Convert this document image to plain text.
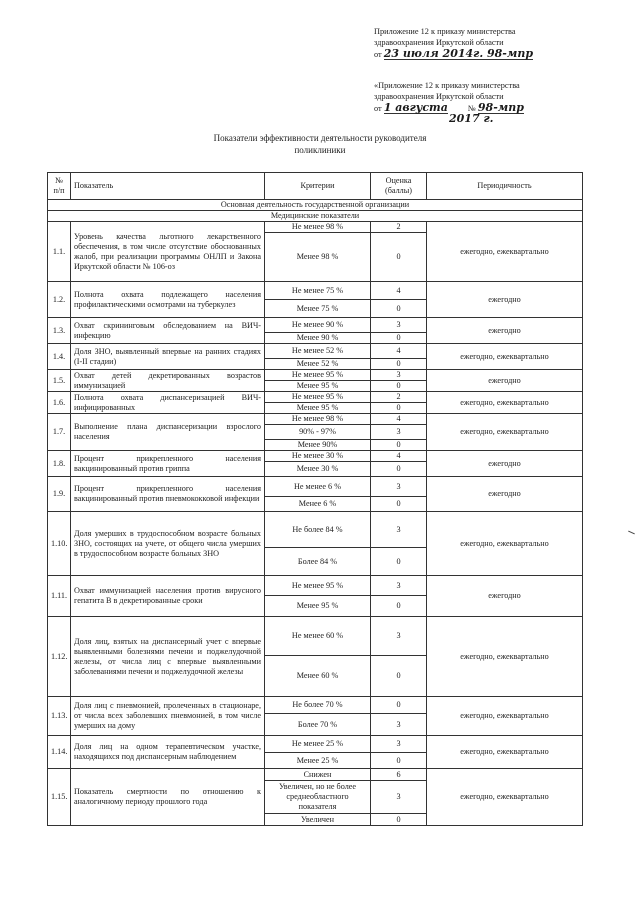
Приложение 12 к приказу министерства
здравоохранения Иркутской области
от 23 июля 2014г. 98-мпр
«Приложение 12 к приказу министерства
здравоохранения Иркутской области
от 1 августа № 98-мпр
2017 г.
Показатели эффективности деятельности руководителя
поликлиники
№ п/п	Показатель	Критерии	Оценка (баллы)	Периодичность
Основная деятельность государственной организации				
Медицинские показатели				
1.1.	Уровень качества льготного лекарственного обеспечения, в том числе отсутствие обоснованных жалоб, при реализации программы ОНЛП и Закона Иркутской области № 106-оз	Не менее 98 %	2	ежегодно, ежеквартально
		Менее 98 %	0	
1.2.	Полнота охвата подлежащего населения профилактическими осмотрами на туберкулез	Не менее 75 %	4	ежегодно
		Менее 75 %	0	
1.3.	Охват скрининговым обследованием на ВИЧ-инфекцию	Не менее 90 %	3	ежегодно
		Менее 90 %	0	
1.4.	Доля ЗНО, выявленный впервые на ранних стадиях (I-II стадии)	Не менее 52 %	4	ежегодно, ежеквартально
		Менее 52 %	0	
1.5.	Охват детей декретированных возрастов иммунизацией	Не менее 95 %	3	ежегодно
		Менее 95 %	0	
1.6.	Полнота охвата диспансеризацией ВИЧ-инфицированных	Не менее 95 %	2	ежегодно, ежеквартально
		Менее 95 %	0	
1.7.	Выполнение плана диспансеризации взрослого населения	Не менее 98 %	4	ежегодно, ежеквартально
		90% - 97%	3	
		Менее 90%	0	
1.8.	Процент прикрепленного населения вакцинированный против гриппа	Не менее 30 %	4	ежегодно
		Менее 30 %	0	
1.9.	Процент прикрепленного населения вакцинированный против пневмококковой инфекции	Не менее 6 %	3	ежегодно
		Менее 6 %	0	
1.10.	Доля умерших в трудоспособном возрасте больных ЗНО, состоящих на учете, от общего числа умерших в трудоспособном возрасте больных ЗНО	Не более 84 %	3	ежегодно, ежеквартально
		Более 84 %	0	
1.11.	Охват иммунизацией населения против вирусного гепатита В в декретированные сроки	Не менее 95 %	3	ежегодно
		Менее 95 %	0	
1.12.	Доля лиц, взятых на диспансерный учет с впервые выявленными болезнями печени и поджелудочной железы, от числа лиц с впервые выявленными заболеваниями печени и поджелудочной железы	Не менее 60 %	3	ежегодно, ежеквартально
		Менее 60 %	0	
1.13.	Доля лиц с пневмонией, пролеченных в стационаре, от числа всех заболевших пневмонией, в том числе умерших на дому	Не более 70 %	0	ежегодно, ежеквартально
		Более 70 %	3	
1.14.	Доля лиц на одном терапевтическом участке, находящихся под диспансерным наблюдением	Не менее 25 %	3	ежегодно, ежеквартально
		Менее 25 %	0	
1.15.	Показатель смертности по отношению к аналогичному периоду прошлого года	Снижен	6	ежегодно, ежеквартально
		Увеличен, но не более среднеобластного показателя	3	
		Увеличен	0	
